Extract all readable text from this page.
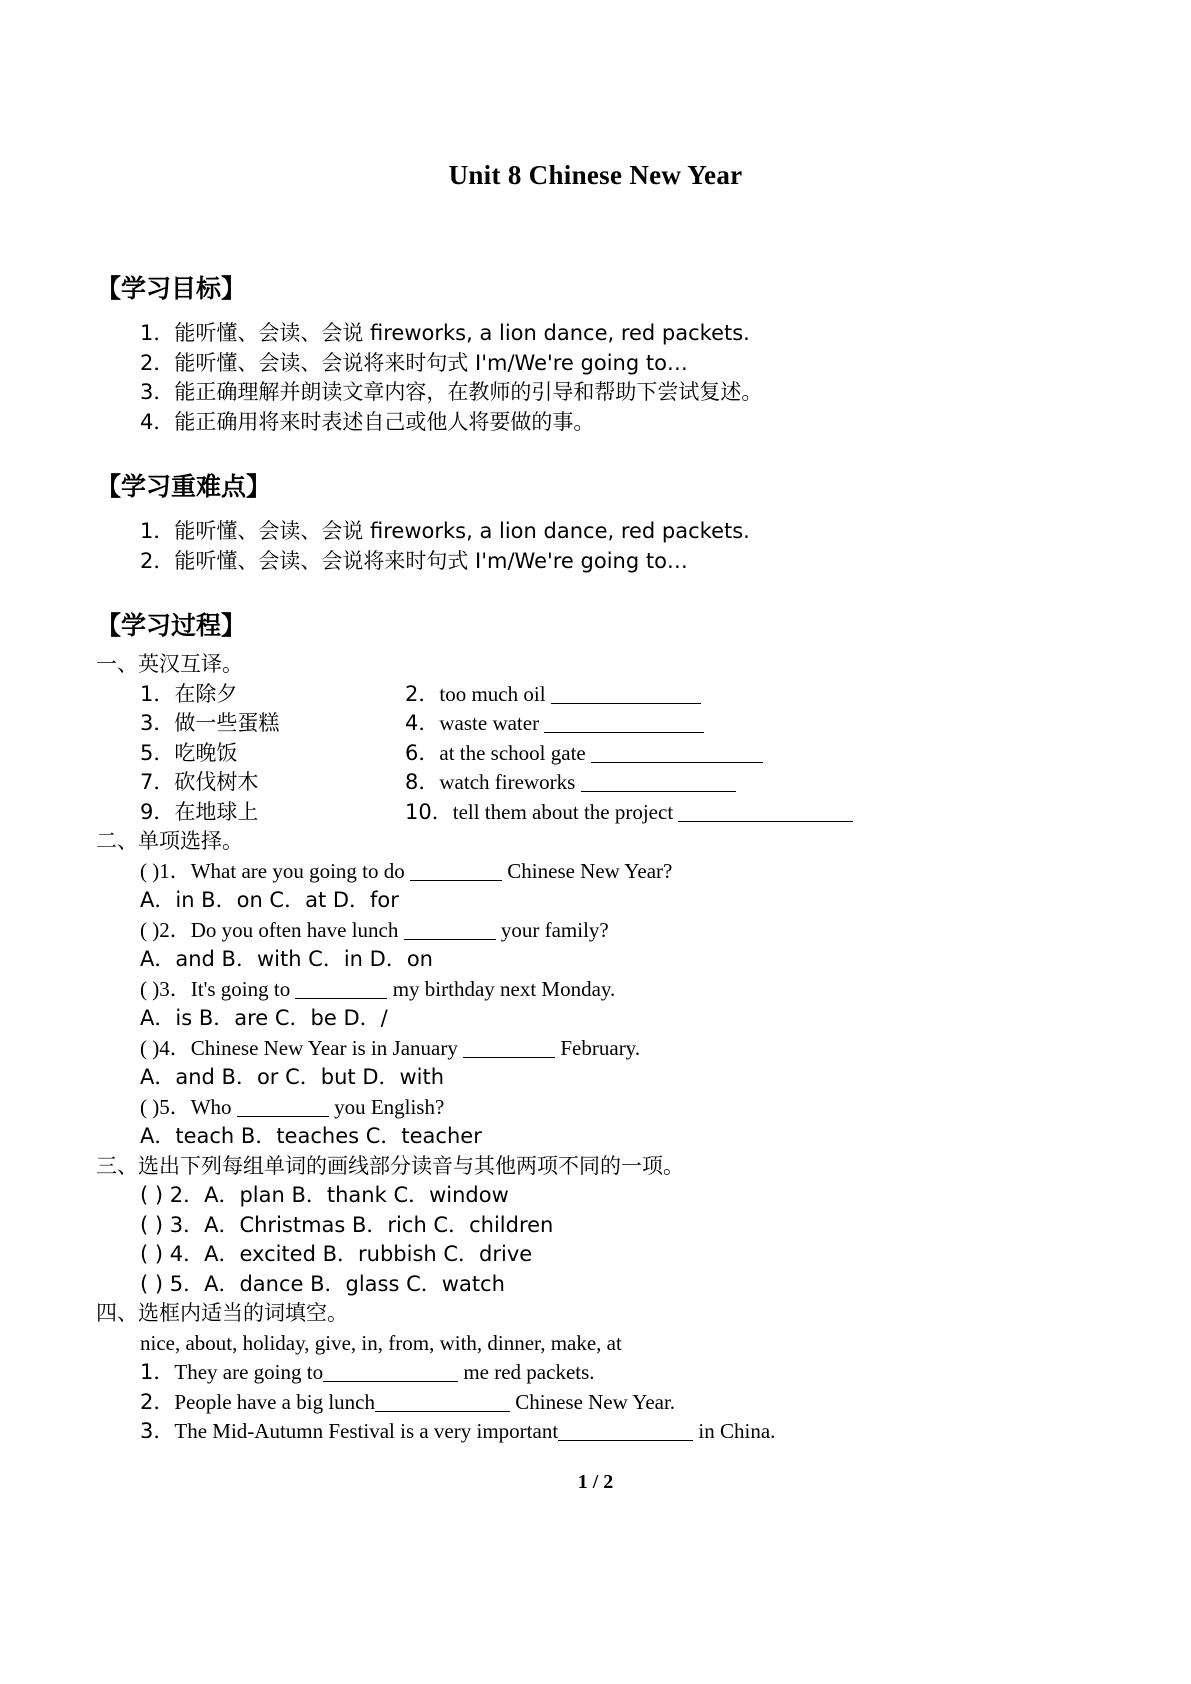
Unit 8 Chinese New Year
【学习目标】
1．能听懂、会读、会说 fireworks, a lion dance, red packets.
2．能听懂、会读、会说将来时句式 I'm/We're going to…
3．能正确理解并朗读文章内容，在教师的引导和帮助下尝试复述。
4．能正确用将来时表述自己或他人将要做的事。
【学习重难点】
1．能听懂、会读、会说 fireworks, a lion dance, red packets.
2．能听懂、会读、会说将来时句式 I'm/We're going to…
【学习过程】
一、英汉互译。
1．在除夕	2．too much oil
3．做一些蛋糕	4．waste water
5．吃晚饭	6．at the school gate
7．砍伐树木	8．watch fireworks
9．在地球上	10．tell them about the project
二、单项选择。
( )1．What are you going to do	Chinese New Year?
A．in B．on C．at D．for
( )2．Do you often have lunch	your family?
A．and B．with C．in D．on
( )3．It's going to	my birthday next Monday.
A．is B．are C．be D．/
( )4．Chinese New Year is in January	February.
A．and B．or C．but D．with
( )5．Who	you English?
A．teach B．teaches C．teacher
三、选出下列每组单词的画线部分读音与其他两项不同的一项。
( ) 2．A．plan B．thank C．window
( ) 3．A．Christmas B．rich C．children
( ) 4．A．excited B．rubbish C．drive
( ) 5．A．dance B．glass C．watch
四、选框内适当的词填空。
nice, about, holiday, give, in, from, with, dinner, make, at
1．They are going to	me red packets.
2．People have a big lunch	Chinese New Year.
3．The Mid-Autumn Festival is a very important	in China.
1 / 2
